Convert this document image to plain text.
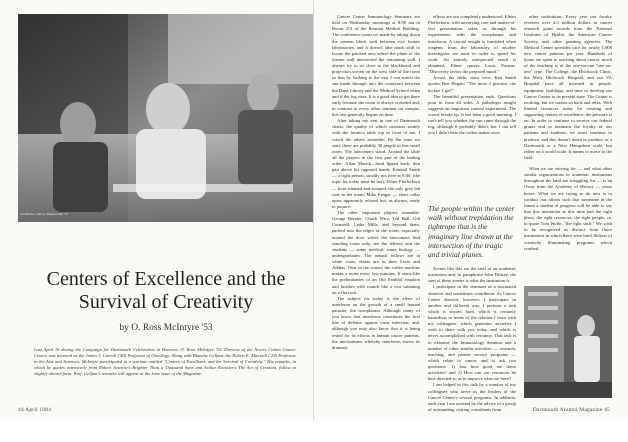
All Photos: Nancy Wasserman '77
Centers of Excellence and the
Survival of Creativity

by O. Ross McIntyre '53

Last April 16 during the Campaign for Dartmouth Celebration in Hanover, O. Ross McIntyre '53, Director of the Norris Cotton Cancer Center, was honored as the James J. Carroll ('40) Professor of Oncology. Along with Blanche Gelfant, the Robert E. Maxwell ('28) Professor in the Arts and Sciences, McIntyre participated in a seminar entitled "Centers of Excellence and the Survival of Creativity." His remarks, in which he quotes extensively from Robert Jastrow's Brighter Than a Thousand Suns and Arthur Koestler's The Act of Creation, follow in slightly altered form. Prof. Gelfant's remarks will appear in the June issue of the Magazine.

44 April 1984

Cancer Center Immunology Seminars are held on Wednesday mornings at 8:00 am in Room 213 of the Remsen Medical Building. The conference room we made by taking down the cement block wall between two former laboratories, and it doesn't take much skill to locate the patched area where the plane of the former wall intersected the remaining wall. I always try to sit close to the blackboard and projection screen on the west side of the room so that by looking to the east I can watch the sun break through into the courtyard between the Dana Library and the Medical School when and if the fog rises. It is a good idea to get there early because the room is always crowded and, in contrast to every other seminar on campus, this one generally begins on time.

After taking my seat in one of Dartmouth chairs, the quality of which contrasts starkly with the formica table top in front of me, I watch the others assemble. By the time we start, there are probably 30 people in this small room. The latecomers stand. Around the table all the players in the first part of the batting order: Allan Munck—head lipped back, thin part above his opposed hands; Kendall Smith — a right person, usually not here at 8:00, (the topic for today must be hot); Elmer Pfefferkorn — horn rimmed and stooped, the only grey lab coat in the room; Mike Fanger — short collar open, apparently relaxed but, as always, ready to pounce.

The other important players assemble: George Bernier, Chuck Wira, Ted Ball, Gib Cornwell, Letha Mills, and beyond them, packed into the edges of the room, especially around the door where the latecomers find standing room only, are the fellows and the students — some medical, some biology — undergraduates. The natural fellows are in white coats, others are in their Levis and Adidas. Over in the corner, the coffee machine makes a noise every few minutes. It starts like the preliminaries of an Old Faithful eruption and finishes with sounds like a cow urinating on a flat rock.

The subject for today is the effect of interferon on the growth of a small human parasite, the toxoplasma. Although many of you know that interferon constitutes the first line of defense against virus infection, and, although you may also know that it is being tested for its effects in human cancer patients, the mechanisms whereby interferon exerts its dramatic

effects are not completely understood. Elmer Pfefferkorn, with unvarying care and matter-of-fact presentation, takes us through his experiments with the toxoplasma and interferon. A crucial insight is furnished when reagents from the laboratory of another investigator are used in order to speed his work. An entirely unexpected result is obtained: Elmer quotes Louis Pasteur: "Discovery favors the prepared mind."

Across the table, sotto voce, Ken Smith quotes Ben Hogan: "The more I practice, the luckier I get!"

The beautiful presentation ends. Questions pour in from all sides. A pathologic insight suggests an important control experiment. The crowd breaks up. It has been a good morning. I can't tell you whether the sun came through the fog, although it probably didn't, but I can tell you I didn't hear the coffee maker once.

The people within the center walk without trepidation the tightrope that is the imaginary line drawn at the intersection of the tragic and trivial planes.

Scenes like this are the stuff of an academic institution and, to paraphrase John Dickey, the sum of these scenes is what the institution is.

I participate in the seminars as a fascinated observer and sometimes contributor. As Cancer Center director, however, I participate in another and different way. I perform a task which is always hard, which is certainly hazardous in terms of the relation I have with my colleagues, which generates anxieties I wish to share with you today, and which is never accomplished with certainty. That task is to examine the Immunology Seminar and a number of other similar activities — research, teaching, and patient service programs — which relate to cancer and to ask two questions: 1) Just how good are these activities? and 2) How can our resources be best directed so as to improve what we have?

I am helped in this task by a number of my colleagues who serve as the leaders of the Cancer Center's several programs. In addition, each year I am assisted by the advice of a group of outstanding visiting consultants from

other institutions. Every year our faculty receives over 4.5 million dollars in cancer research grant awards from the National Institutes of Health, the American Cancer Society, and other granting agencies. The Medical Center provides care for nearly 1,000 new cancer patients per year. Hundreds of hours are spent in teaching about cancer, much of the teaching is of the one-on-one "one-on-one" type. The College, the Hitchcock Clinic, the Mary Hitchcock Hospital, and our VA Hospital have all invested in people, equipment, buildings, and time to develop our Cancer Center to its present state. The Center is working, but we cannot sit back and relax. With limited resources today for creating and supporting centers of excellence, the pressure is on. In order to continue to receive our federal grants and to maintain the loyalty of our patients and students, we must continue to produce, and this doesn't mean to produce as a Dartmouth or a New Hampshire scale, but rather on a world scale. It means to move to the field.

What we are striving for — and what other similar organizations in academic institutions throughout the land are struggling for — is an Oscar from the Academy of History — years hence. What we are trying to do now is to conduct our affairs such that sometime in the future a student of progress will be able to say that this institution at this time had the right place, the right resources, the right people, or, to quote Tom Wolfe, "the right stuff." We wish to be recognized as distinct from those institutions in which there were brief flickers of creativity illuminating programs which crashed.

Dartmouth Alumni Magazine 45
